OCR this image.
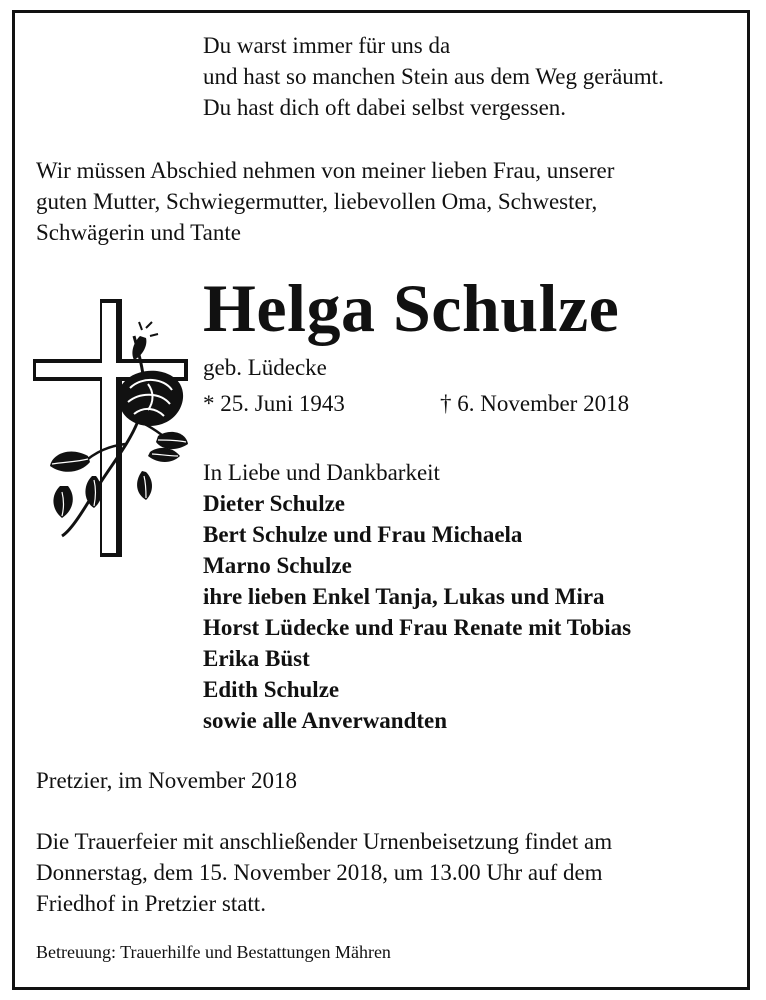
Du warst immer für uns da
und hast so manchen Stein aus dem Weg geräumt.
Du hast dich oft dabei selbst vergessen.
Wir müssen Abschied nehmen von meiner lieben Frau, unserer
guten Mutter, Schwiegermutter, liebevollen Oma, Schwester,
Schwägerin und Tante
Helga Schulze
geb. Lüdecke
* 25. Juni 1943	† 6. November 2018
In Liebe und Dankbarkeit
Dieter Schulze
Bert Schulze und Frau Michaela
Marno Schulze
ihre lieben Enkel Tanja, Lukas und Mira
Horst Lüdecke und Frau Renate mit Tobias
Erika Büst
Edith Schulze
sowie alle Anverwandten
Pretzier, im November 2018
Die Trauerfeier mit anschließender Urnenbeisetzung findet am
Donnerstag, dem 15. November 2018, um 13.00 Uhr auf dem
Friedhof in Pretzier statt.
Betreuung: Trauerhilfe und Bestattungen Mähren
